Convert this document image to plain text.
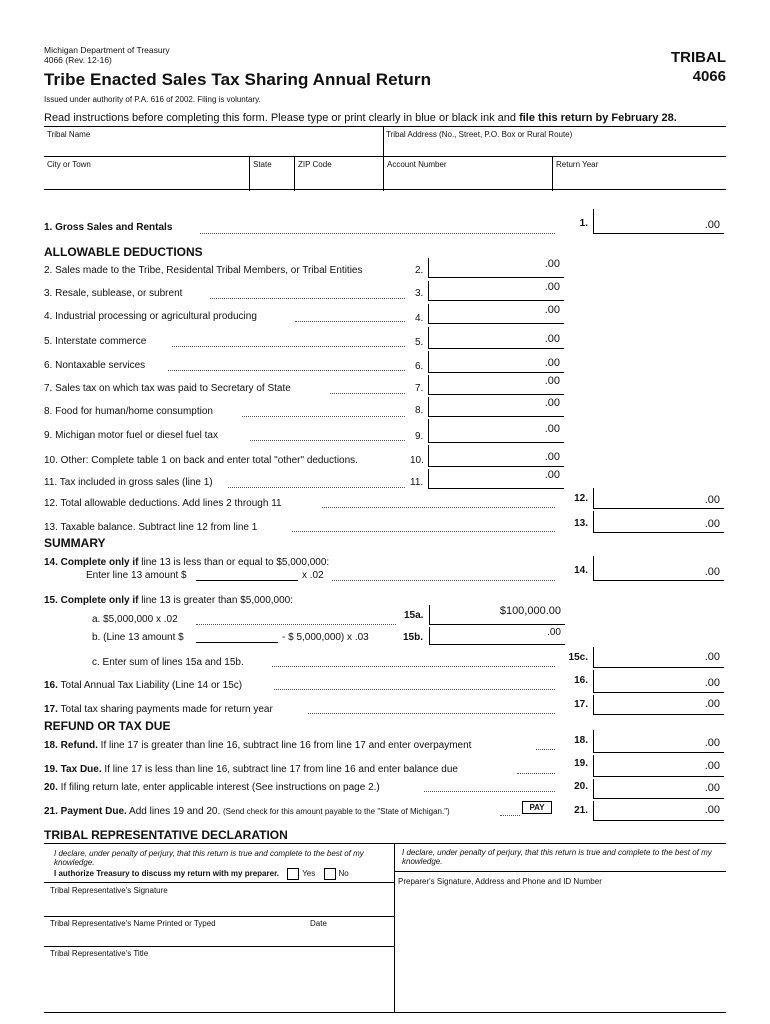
Michigan Department of Treasury
4066 (Rev. 12-16)	TRIBAL
4066
Tribe Enacted Sales Tax Sharing Annual Return
Issued under authority of P.A. 616 of 2002. Filing is voluntary.
Read instructions before completing this form. Please type or print clearly in blue or black ink and file this return by February 28.
Tribal Name	Tribal Address (No., Street, P.O. Box or Rural Route)
City or Town	State	ZIP Code	Account Number	Return Year
1. Gross Sales and Rentals	1.	.00
ALLOWABLE DEDUCTIONS
2. Sales made to the Tribe, Residental Tribal Members, or Tribal Entities	2.
.00
3. Resale, sublease, or subrent	3.
.00
4. Industrial processing or agricultural producing	4.
.00
5. Interstate commerce	5.	.00
6. Nontaxable services	6.	.00
7. Sales tax on which tax was paid to Secretary of State	7.
.00
8. Food for human/home consumption	8.
.00
9. Michigan motor fuel or diesel fuel tax	9.
.00
10. Other: Complete table 1 on back and enter total "other" deductions.	10.	.00
11. Tax included in gross sales (line 1)	11.
.00
12. Total allowable deductions. Add lines 2 through 11	12.	.00
13. Taxable balance. Subtract line 12 from line 1	13.	.00
SUMMARY
14. Complete only if line 13 is less than or equal to $5,000,000:
Enter line 13 amount $	x .02	14.	.00
15. Complete only if line 13 is greater than $5,000,000:
a. $5,000,000 x .02	15a.	$100,000.00
b. (Line 13 amount $	- $ 5,000,000) x .03	15b.	.00
c. Enter sum of lines 15a and 15b.	15c.	.00
16. Total Annual Tax Liability (Line 14 or 15c)	16.	.00
17. Total tax sharing payments made for return year	17.	.00
REFUND OR TAX DUE
18. Refund. If line 17 is greater than line 16, subtract line 16 from line 17 and enter overpayment	18.	.00
19. Tax Due. If line 17 is less than line 16, subtract line 17 from line 16 and enter balance due
19.	.00
20. If filing return late, enter applicable interest (See instructions on page 2.)	20.	.00
21. Payment Due. Add lines 19 and 20. (Send check for this amount payable to the "State of Michigan.")	PAY	21.	.00
TRIBAL REPRESENTATIVE DECLARATION
I declare, under penalty of perjury, that this return is true and complete to the best of my knowledge.
I authorize Treasury to discuss my return with my preparer.	Yes	No
Tribal Representative's Signature
Tribal Representative's Name Printed or Typed	Date
Tribal Representative's Title
I declare, under penalty of perjury, that this return is true and complete to the best of my knowledge.
Preparer's Signature, Address and Phone and ID Number
